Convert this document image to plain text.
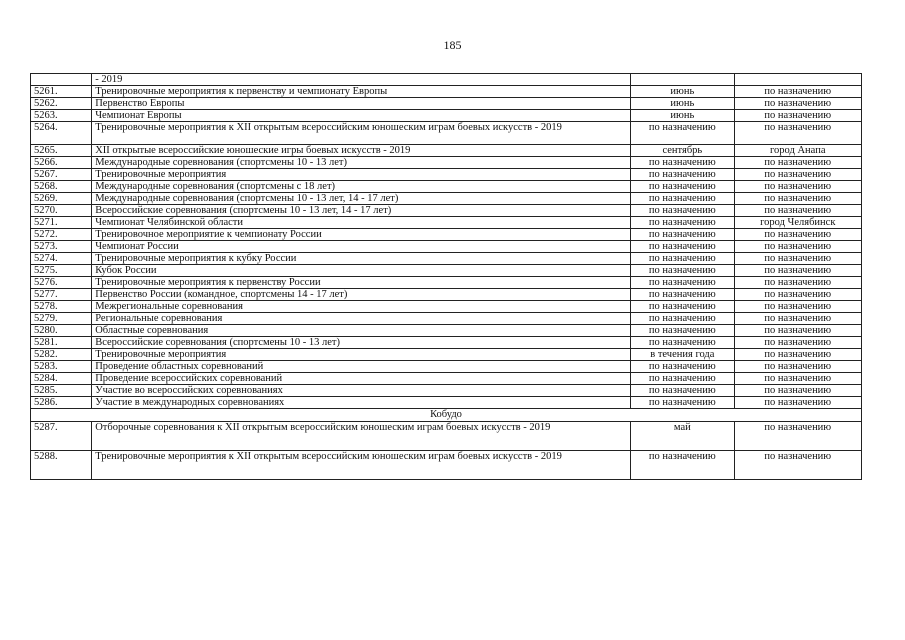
185
	- 2019		
5261.	Тренировочные мероприятия к первенству и чемпионату Европы	июнь	по назначению
5262.	Первенство Европы	июнь	по назначению
5263.	Чемпионат Европы	июнь	по назначению
5264.	Тренировочные мероприятия к XII открытым всероссийским юношеским играм боевых искусств - 2019	по назначению	по назначению
5265.	XII открытые всероссийские юношеские игры боевых искусств - 2019	сентябрь	город Анапа
5266.	Международные соревнования (спортсмены 10 - 13 лет)	по назначению	по назначению
5267.	Тренировочные мероприятия	по назначению	по назначению
5268.	Международные соревнования (спортсмены с 18 лет)	по назначению	по назначению
5269.	Международные соревнования (спортсмены 10 - 13 лет, 14 - 17 лет)	по назначению	по назначению
5270.	Всероссийские соревнования (спортсмены 10 - 13 лет, 14 - 17 лет)	по назначению	по назначению
5271.	Чемпионат Челябинской области	по назначению	город Челябинск
5272.	Тренировочное мероприятие к чемпионату России	по назначению	по назначению
5273.	Чемпионат России	по назначению	по назначению
5274.	Тренировочные мероприятия к кубку России	по назначению	по назначению
5275.	Кубок России	по назначению	по назначению
5276.	Тренировочные мероприятия к первенству России	по назначению	по назначению
5277.	Первенство России (командное, спортсмены 14 - 17 лет)	по назначению	по назначению
5278.	Межрегиональные соревнования	по назначению	по назначению
5279.	Региональные соревнования	по назначению	по назначению
5280.	Областные соревнования	по назначению	по назначению
5281.	Всероссийские соревнования (спортсмены 10 - 13 лет)	по назначению	по назначению
5282.	Тренировочные мероприятия	в течения года	по назначению
5283.	Проведение областных соревнований	по назначению	по назначению
5284.	Проведение всероссийских соревнований	по назначению	по назначению
5285.	Участие во всероссийских соревнованиях	по назначению	по назначению
5286.	Участие в международных соревнованиях	по назначению	по назначению
Кобудо			
5287.	Отборочные соревнования к XII открытым всероссийским юношеским играм боевых искусств - 2019	май	по назначению
5288.	Тренировочные мероприятия к XII открытым всероссийским юношеским играм боевых искусств - 2019	по назначению	по назначению
